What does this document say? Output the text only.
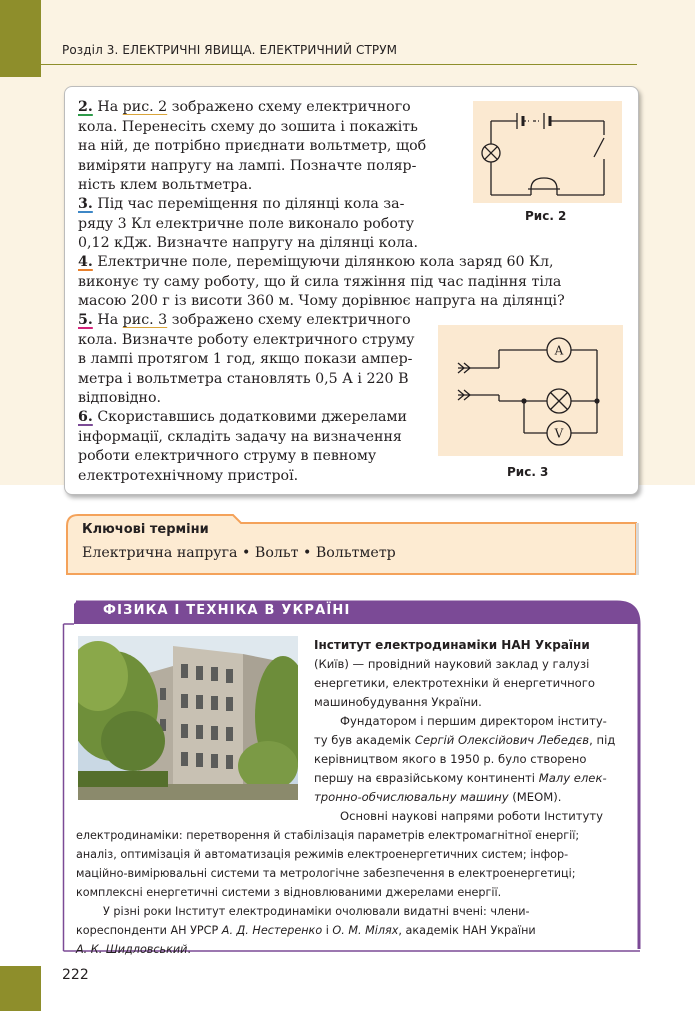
Розділ 3. ЕЛЕКТРИЧНІ ЯВИЩА. ЕЛЕКТРИЧНИЙ СТРУМ
2. На рис. 2 зображено схему електричного
кола. Перенесіть схему до зошита і покажіть
на ній, де потрібно приєднати вольтметр, щоб
виміряти напругу на лампі. Позначте поляр-
ність клем вольтметра.
3. Під час переміщення по ділянці кола за-
ряду 3 Кл електричне поле виконало роботу
0,12 кДж. Визначте напругу на ділянці кола.
4. Електричне поле, переміщуючи ділянкою кола заряд 60 Кл,
виконує ту саму роботу, що й сила тяжіння під час падіння тіла
масою 200 г із висоти 360 м. Чому дорівнює напруга на ділянці?
5. На рис. 3 зображено схему електричного
кола. Визначте роботу електричного струму
в лампі протягом 1 год, якщо покази ампер-
метра і вольтметра становлять 0,5 А і 220 В
відповідно.
6. Скориставшись додатковими джерелами
інформації, складіть задачу на визначення
роботи електричного струму в певному
електротехнічному пристрої.
Рис. 2
A
V
Рис. 3
Ключові терміни
Електрична напруга • Вольт • Вольтметр
ФІЗИКА І ТЕХНІКА В УКРАЇНІ
Інститут електродинаміки НАН України
(Київ) — провідний науковий заклад у галузі
енергетики, електротехніки й енергетичного
машинобудування України.
Фундатором і першим директором інститу-
ту був академік Сергій Олексійович Лебедєв, під
керівництвом якого в 1950 р. було створено
першу на євразійському континенті Малу елек-
тронно-обчислювальну машину (МЕОМ).
Основні наукові напрями роботи Інституту
електродинаміки: перетворення й стабілізація параметрів електромагнітної енергії;
аналіз, оптимізація й автоматизація режимів електроенергетичних систем; інфор-
маційно-вимірювальні системи та метрологічне забезпечення в електроенергетиці;
комплексні енергетичні системи з відновлюваними джерелами енергії.
У різні роки Інститут електродинаміки очолювали видатні вчені: члени-
кореспонденти АН УРСР А. Д. Нестеренко і О. М. Мілях, академік НАН України
А. К. Шидловський.
222
